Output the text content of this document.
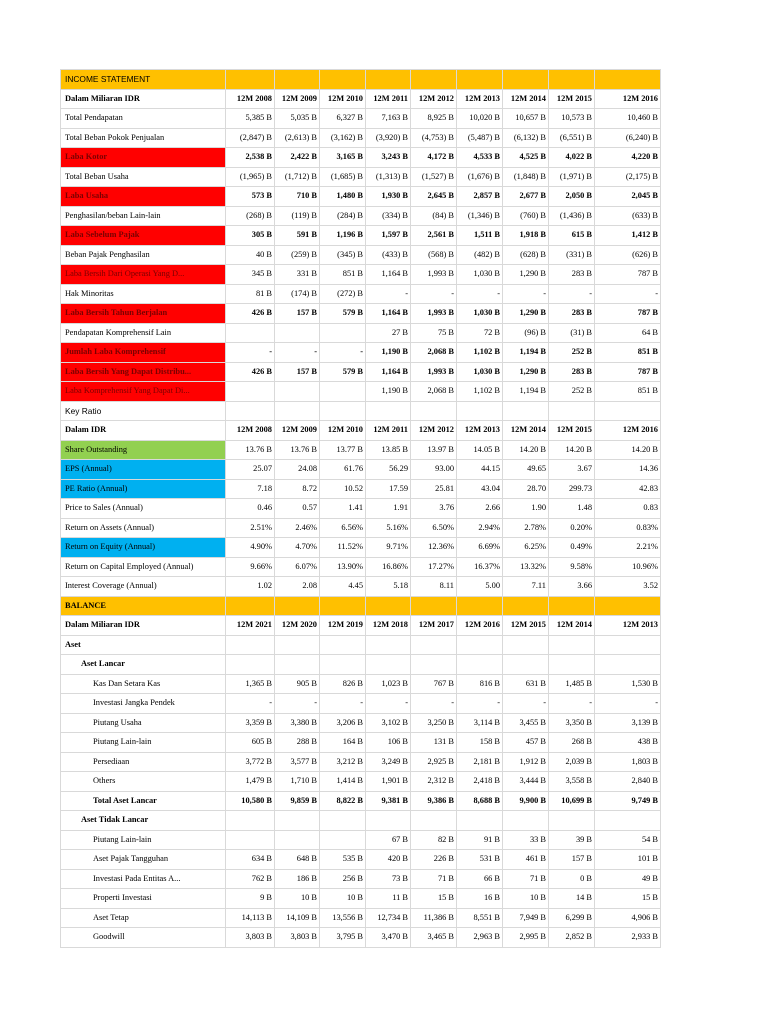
INCOME STATEMENT									
Dalam Miliaran IDR	12M 2008	12M 2009	12M 2010	12M 2011	12M 2012	12M 2013	12M 2014	12M 2015	12M 2016
Total Pendapatan	5,385 B	5,035 B	6,327 B	7,163 B	8,925 B	10,020 B	10,657 B	10,573 B	10,460 B
Total Beban Pokok Penjualan	(2,847) B	(2,613) B	(3,162) B	(3,920) B	(4,753) B	(5,487) B	(6,132) B	(6,551) B	(6,240) B
Laba Kotor	2,538 B	2,422 B	3,165 B	3,243 B	4,172 B	4,533 B	4,525 B	4,022 B	4,220 B
Total Beban Usaha	(1,965) B	(1,712) B	(1,685) B	(1,313) B	(1,527) B	(1,676) B	(1,848) B	(1,971) B	(2,175) B
Laba Usaha	573 B	710 B	1,480 B	1,930 B	2,645 B	2,857 B	2,677 B	2,050 B	2,045 B
Penghasilan/beban Lain-lain	(268) B	(119) B	(284) B	(334) B	(84) B	(1,346) B	(760) B	(1,436) B	(633) B
Laba Sebelum Pajak	305 B	591 B	1,196 B	1,597 B	2,561 B	1,511 B	1,918 B	615 B	1,412 B
Beban Pajak Penghasilan	40 B	(259) B	(345) B	(433) B	(568) B	(482) B	(628) B	(331) B	(626) B
Laba Bersih Dari Operasi Yang D...	345 B	331 B	851 B	1,164 B	1,993 B	1,030 B	1,290 B	283 B	787 B
Hak Minoritas	81 B	(174) B	(272) B	-	-	-	-	-	-
Laba Bersih Tahun Berjalan	426 B	157 B	579 B	1,164 B	1,993 B	1,030 B	1,290 B	283 B	787 B
Pendapatan Komprehensif Lain				27 B	75 B	72 B	(96) B	(31) B	64 B
Jumlah Laba Komprehensif	-	-	-	1,190 B	2,068 B	1,102 B	1,194 B	252 B	851 B
Laba Bersih Yang Dapat Distribu...	426 B	157 B	579 B	1,164 B	1,993 B	1,030 B	1,290 B	283 B	787 B
Laba Komprehensif Yang Dapat Di...				1,190 B	2,068 B	1,102 B	1,194 B	252 B	851 B
Key Ratio									
Dalam IDR	12M 2008	12M 2009	12M 2010	12M 2011	12M 2012	12M 2013	12M 2014	12M 2015	12M 2016
Share Outstanding	13.76 B	13.76 B	13.77 B	13.85 B	13.97 B	14.05 B	14.20 B	14.20 B	14.20 B
EPS (Annual)	25.07	24.08	61.76	56.29	93.00	44.15	49.65	3.67	14.36
PE Ratio (Annual)	7.18	8.72	10.52	17.59	25.81	43.04	28.70	299.73	42.83
Price to Sales (Annual)	0.46	0.57	1.41	1.91	3.76	2.66	1.90	1.48	0.83
Return on Assets (Annual)	2.51%	2.46%	6.56%	5.16%	6.50%	2.94%	2.78%	0.20%	0.83%
Return on Equity (Annual)	4.90%	4.70%	11.52%	9.71%	12.36%	6.69%	6.25%	0.49%	2.21%
Return on Capital Employed (Annual)	9.66%	6.07%	13.90%	16.86%	17.27%	16.37%	13.32%	9.58%	10.96%
Interest Coverage (Annual)	1.02	2.08	4.45	5.18	8.11	5.00	7.11	3.66	3.52
BALANCE									
Dalam Miliaran IDR	12M 2021	12M 2020	12M 2019	12M 2018	12M 2017	12M 2016	12M 2015	12M 2014	12M 2013
Aset									
Aset Lancar									
Kas Dan Setara Kas	1,365 B	905 B	826 B	1,023 B	767 B	816 B	631 B	1,485 B	1,530 B
Investasi Jangka Pendek	-	-	-	-	-	-	-	-	-
Piutang Usaha	3,359 B	3,380 B	3,206 B	3,102 B	3,250 B	3,114 B	3,455 B	3,350 B	3,139 B
Piutang Lain-lain	605 B	288 B	164 B	106 B	131 B	158 B	457 B	268 B	438 B
Persediaan	3,772 B	3,577 B	3,212 B	3,249 B	2,925 B	2,181 B	1,912 B	2,039 B	1,803 B
Others	1,479 B	1,710 B	1,414 B	1,901 B	2,312 B	2,418 B	3,444 B	3,558 B	2,840 B
Total Aset Lancar	10,580 B	9,859 B	8,822 B	9,381 B	9,386 B	8,688 B	9,900 B	10,699 B	9,749 B
Aset Tidak Lancar									
Piutang Lain-lain				67 B	82 B	91 B	33 B	39 B	54 B
Aset Pajak Tangguhan	634 B	648 B	535 B	420 B	226 B	531 B	461 B	157 B	101 B
Investasi Pada Entitas A...	762 B	186 B	256 B	73 B	71 B	66 B	71 B	0 B	49 B
Properti Investasi	9 B	10 B	10 B	11 B	15 B	16 B	10 B	14 B	15 B
Aset Tetap	14,113 B	14,109 B	13,556 B	12,734 B	11,386 B	8,551 B	7,949 B	6,299 B	4,906 B
Goodwill	3,803 B	3,803 B	3,795 B	3,470 B	3,465 B	2,963 B	2,995 B	2,852 B	2,933 B
